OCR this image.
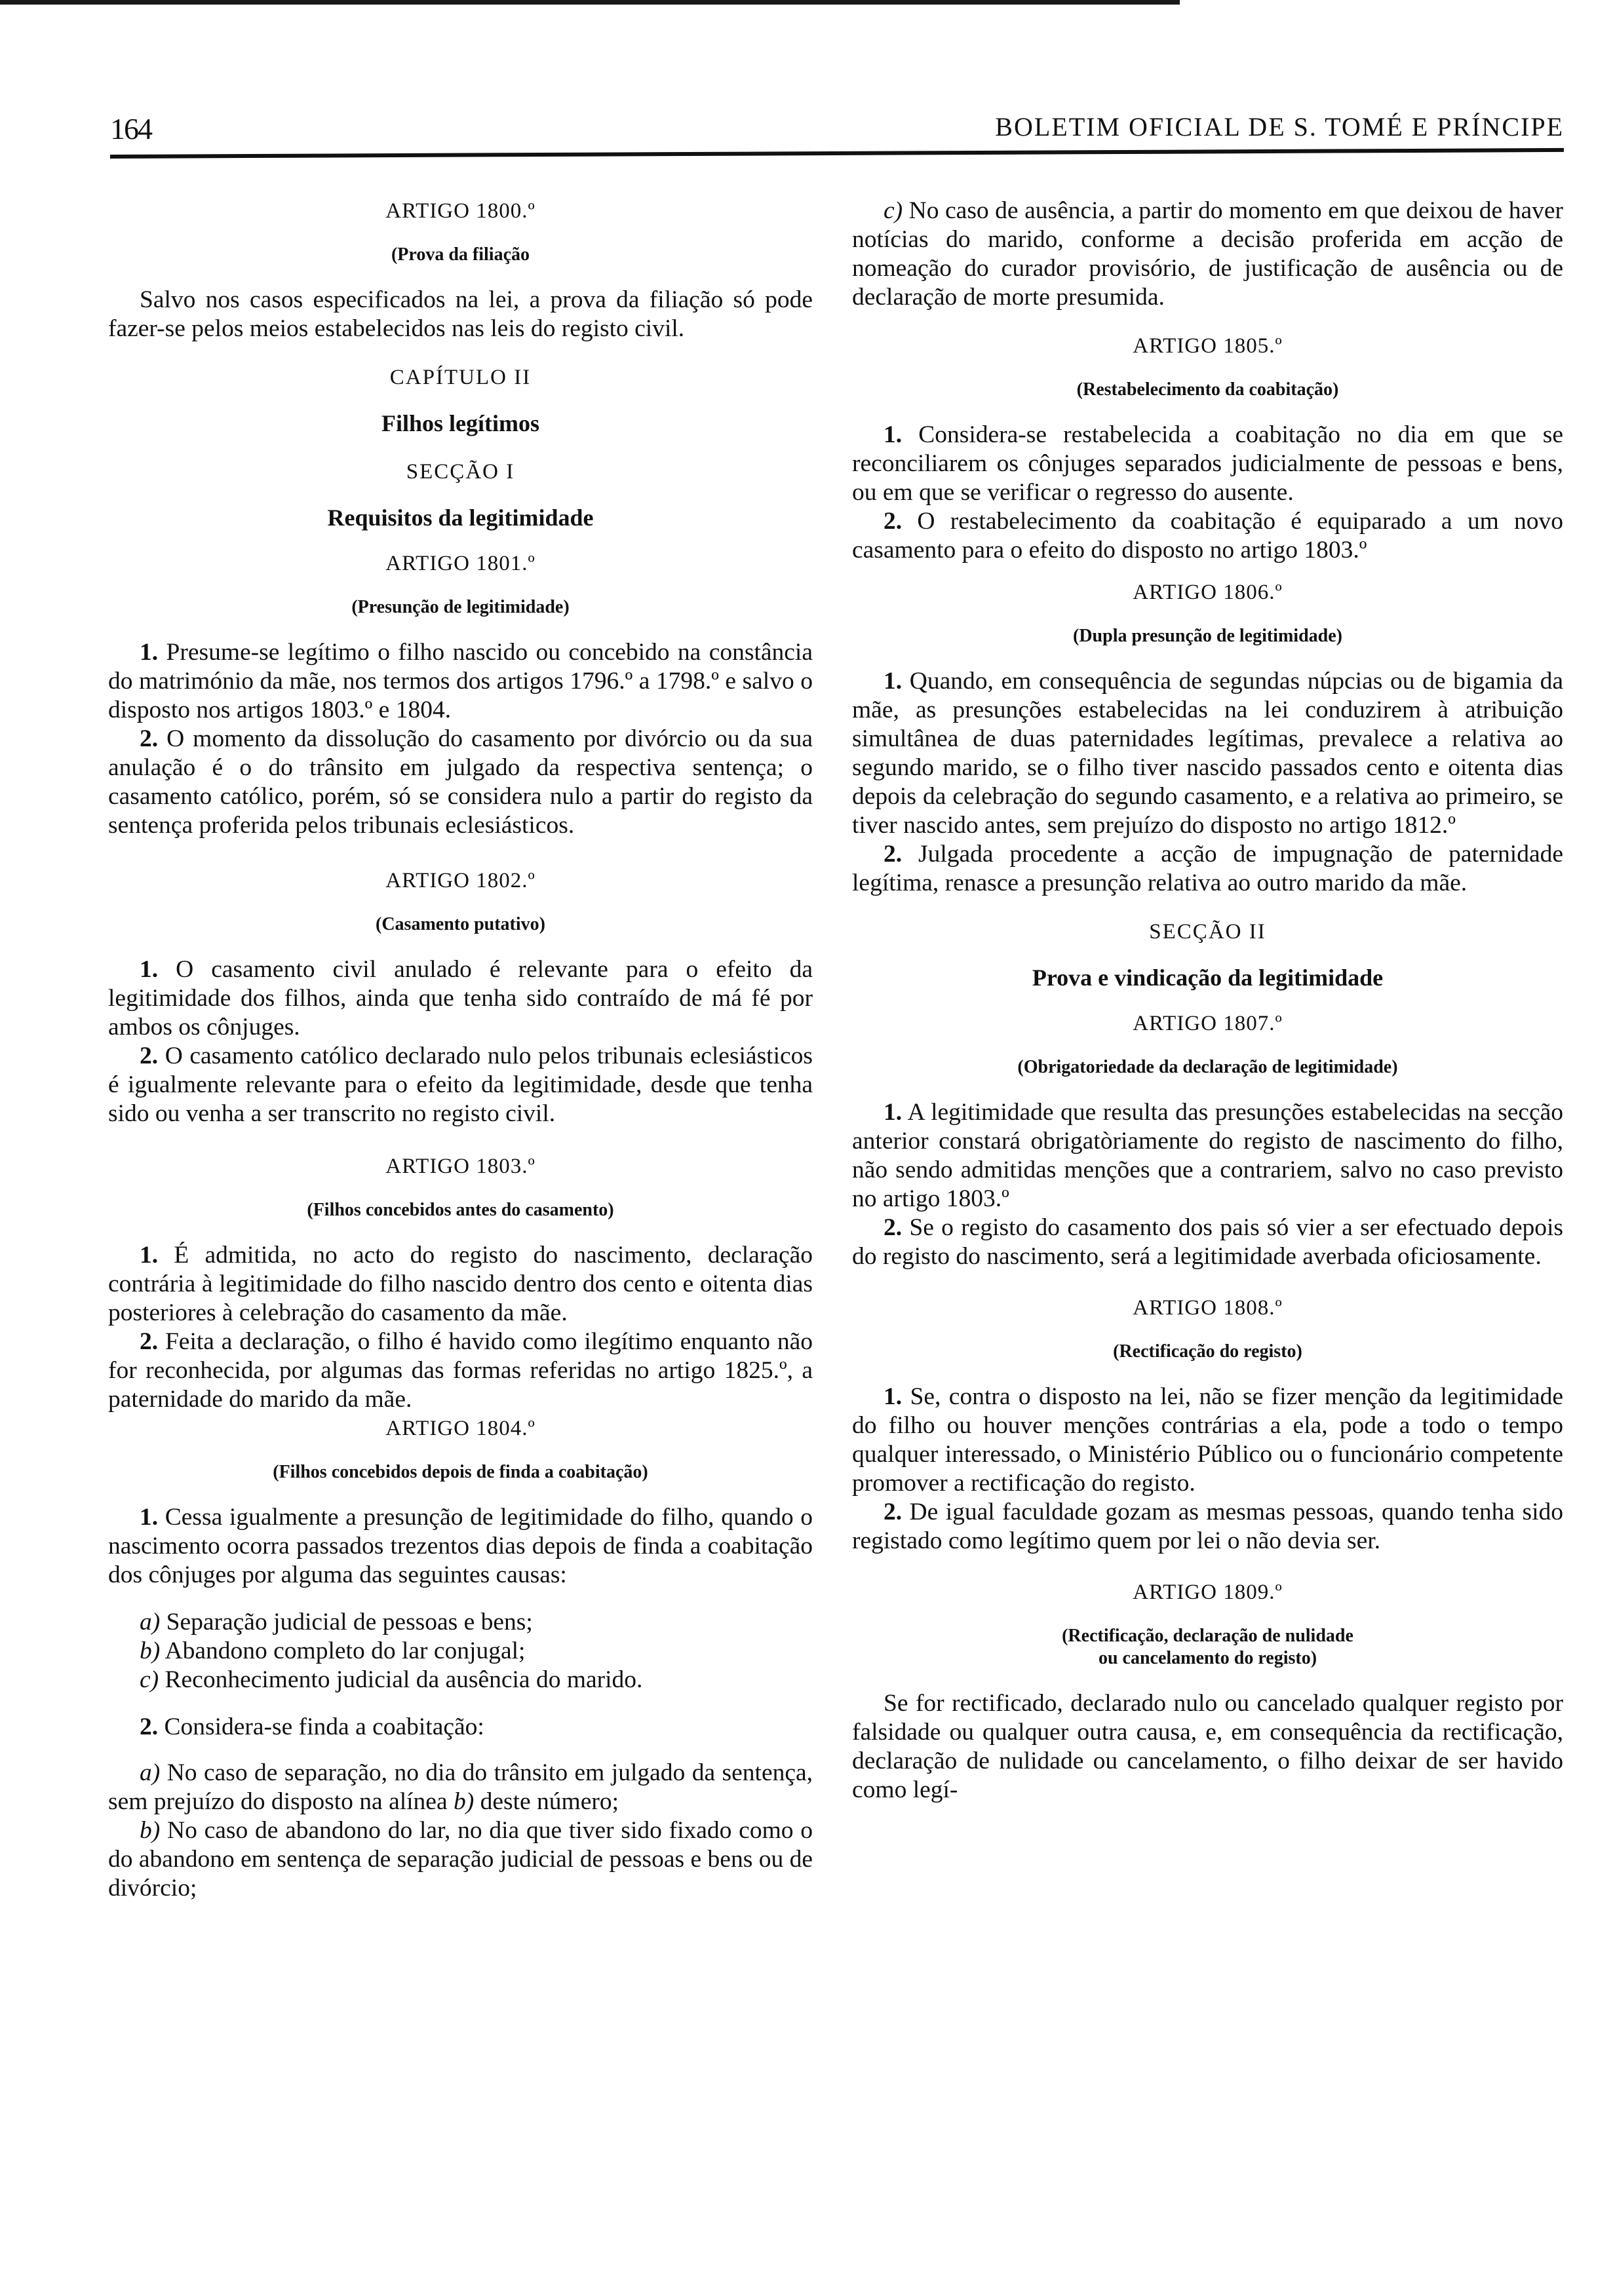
164	BOLETIM OFICIAL DE S. TOMÉ E PRÍNCIPE
ARTIGO 1800.º
(Prova da filiação

Salvo nos casos especificados na lei, a prova da filiação só pode fazer-se pelos meios estabelecidos nas leis do registo civil.

CAPÍTULO II
Filhos legítimos
SECÇÃO I
Requisitos da legitimidade
ARTIGO 1801.º
(Presunção de legitimidade)

1. Presume-se legítimo o filho nascido ou concebido na constância do matrimónio da mãe, nos termos dos artigos 1796.º a 1798.º e salvo o disposto nos artigos 1803.º e 1804.

2. O momento da dissolução do casamento por divórcio ou da sua anulação é o do trânsito em julgado da respectiva sentença; o casamento católico, porém, só se considera nulo a partir do registo da sentença proferida pelos tribunais eclesiásticos.

ARTIGO 1802.º
(Casamento putativo)

1. O casamento civil anulado é relevante para o efeito da legitimidade dos filhos, ainda que tenha sido contraído de má fé por ambos os cônjuges.

2. O casamento católico declarado nulo pelos tribunais eclesiásticos é igualmente relevante para o efeito da legitimidade, desde que tenha sido ou venha a ser transcrito no registo civil.

ARTIGO 1803.º
(Filhos concebidos antes do casamento)

1. É admitida, no acto do registo do nascimento, declaração contrária à legitimidade do filho nascido dentro dos cento e oitenta dias posteriores à celebração do casamento da mãe.

2. Feita a declaração, o filho é havido como ilegítimo enquanto não for reconhecida, por algumas das formas referidas no artigo 1825.º, a paternidade do marido da mãe.

ARTIGO 1804.º
(Filhos concebidos depois de finda a coabitação)

1. Cessa igualmente a presunção de legitimidade do filho, quando o nascimento ocorra passados trezentos dias depois de finda a coabitação dos cônjuges por alguma das seguintes causas:

a) Separação judicial de pessoas e bens;

b) Abandono completo do lar conjugal;

c) Reconhecimento judicial da ausência do marido.

2. Considera-se finda a coabitação:

a) No caso de separação, no dia do trânsito em julgado da sentença, sem prejuízo do disposto na alínea b) deste número;

b) No caso de abandono do lar, no dia que tiver sido fixado como o do abandono em sentença de separação judicial de pessoas e bens ou de divórcio;

c) No caso de ausência, a partir do momento em que deixou de haver notícias do marido, conforme a decisão proferida em acção de nomeação do curador provisório, de justificação de ausência ou de declaração de morte presumida.

ARTIGO 1805.º
(Restabelecimento da coabitação)

1. Considera-se restabelecida a coabitação no dia em que se reconciliarem os cônjuges separados judicialmente de pessoas e bens, ou em que se verificar o regresso do ausente.

2. O restabelecimento da coabitação é equiparado a um novo casamento para o efeito do disposto no artigo 1803.º

ARTIGO 1806.º
(Dupla presunção de legitimidade)

1. Quando, em consequência de segundas núpcias ou de bigamia da mãe, as presunções estabelecidas na lei conduzirem à atribuição simultânea de duas paternidades legítimas, prevalece a relativa ao segundo marido, se o filho tiver nascido passados cento e oitenta dias depois da celebração do segundo casamento, e a relativa ao primeiro, se tiver nascido antes, sem prejuízo do disposto no artigo 1812.º

2. Julgada procedente a acção de impugnação de paternidade legítima, renasce a presunção relativa ao outro marido da mãe.

SECÇÃO II
Prova e vindicação da legitimidade
ARTIGO 1807.º
(Obrigatoriedade da declaração de legitimidade)

1. A legitimidade que resulta das presunções estabelecidas na secção anterior constará obrigatòriamente do registo de nascimento do filho, não sendo admitidas menções que a contrariem, salvo no caso previsto no artigo 1803.º

2. Se o registo do casamento dos pais só vier a ser efectuado depois do registo do nascimento, será a legitimidade averbada oficiosamente.

ARTIGO 1808.º
(Rectificação do registo)

1. Se, contra o disposto na lei, não se fizer menção da legitimidade do filho ou houver menções contrárias a ela, pode a todo o tempo qualquer interessado, o Ministério Público ou o funcionário competente promover a rectificação do registo.

2. De igual faculdade gozam as mesmas pessoas, quando tenha sido registado como legítimo quem por lei o não devia ser.

ARTIGO 1809.º
(Rectificação, declaração de nulidade
ou cancelamento do registo)

Se for rectificado, declarado nulo ou cancelado qualquer registo por falsidade ou qualquer outra causa, e, em consequência da rectificação, declaração de nulidade ou cancelamento, o filho deixar de ser havido como legí-
